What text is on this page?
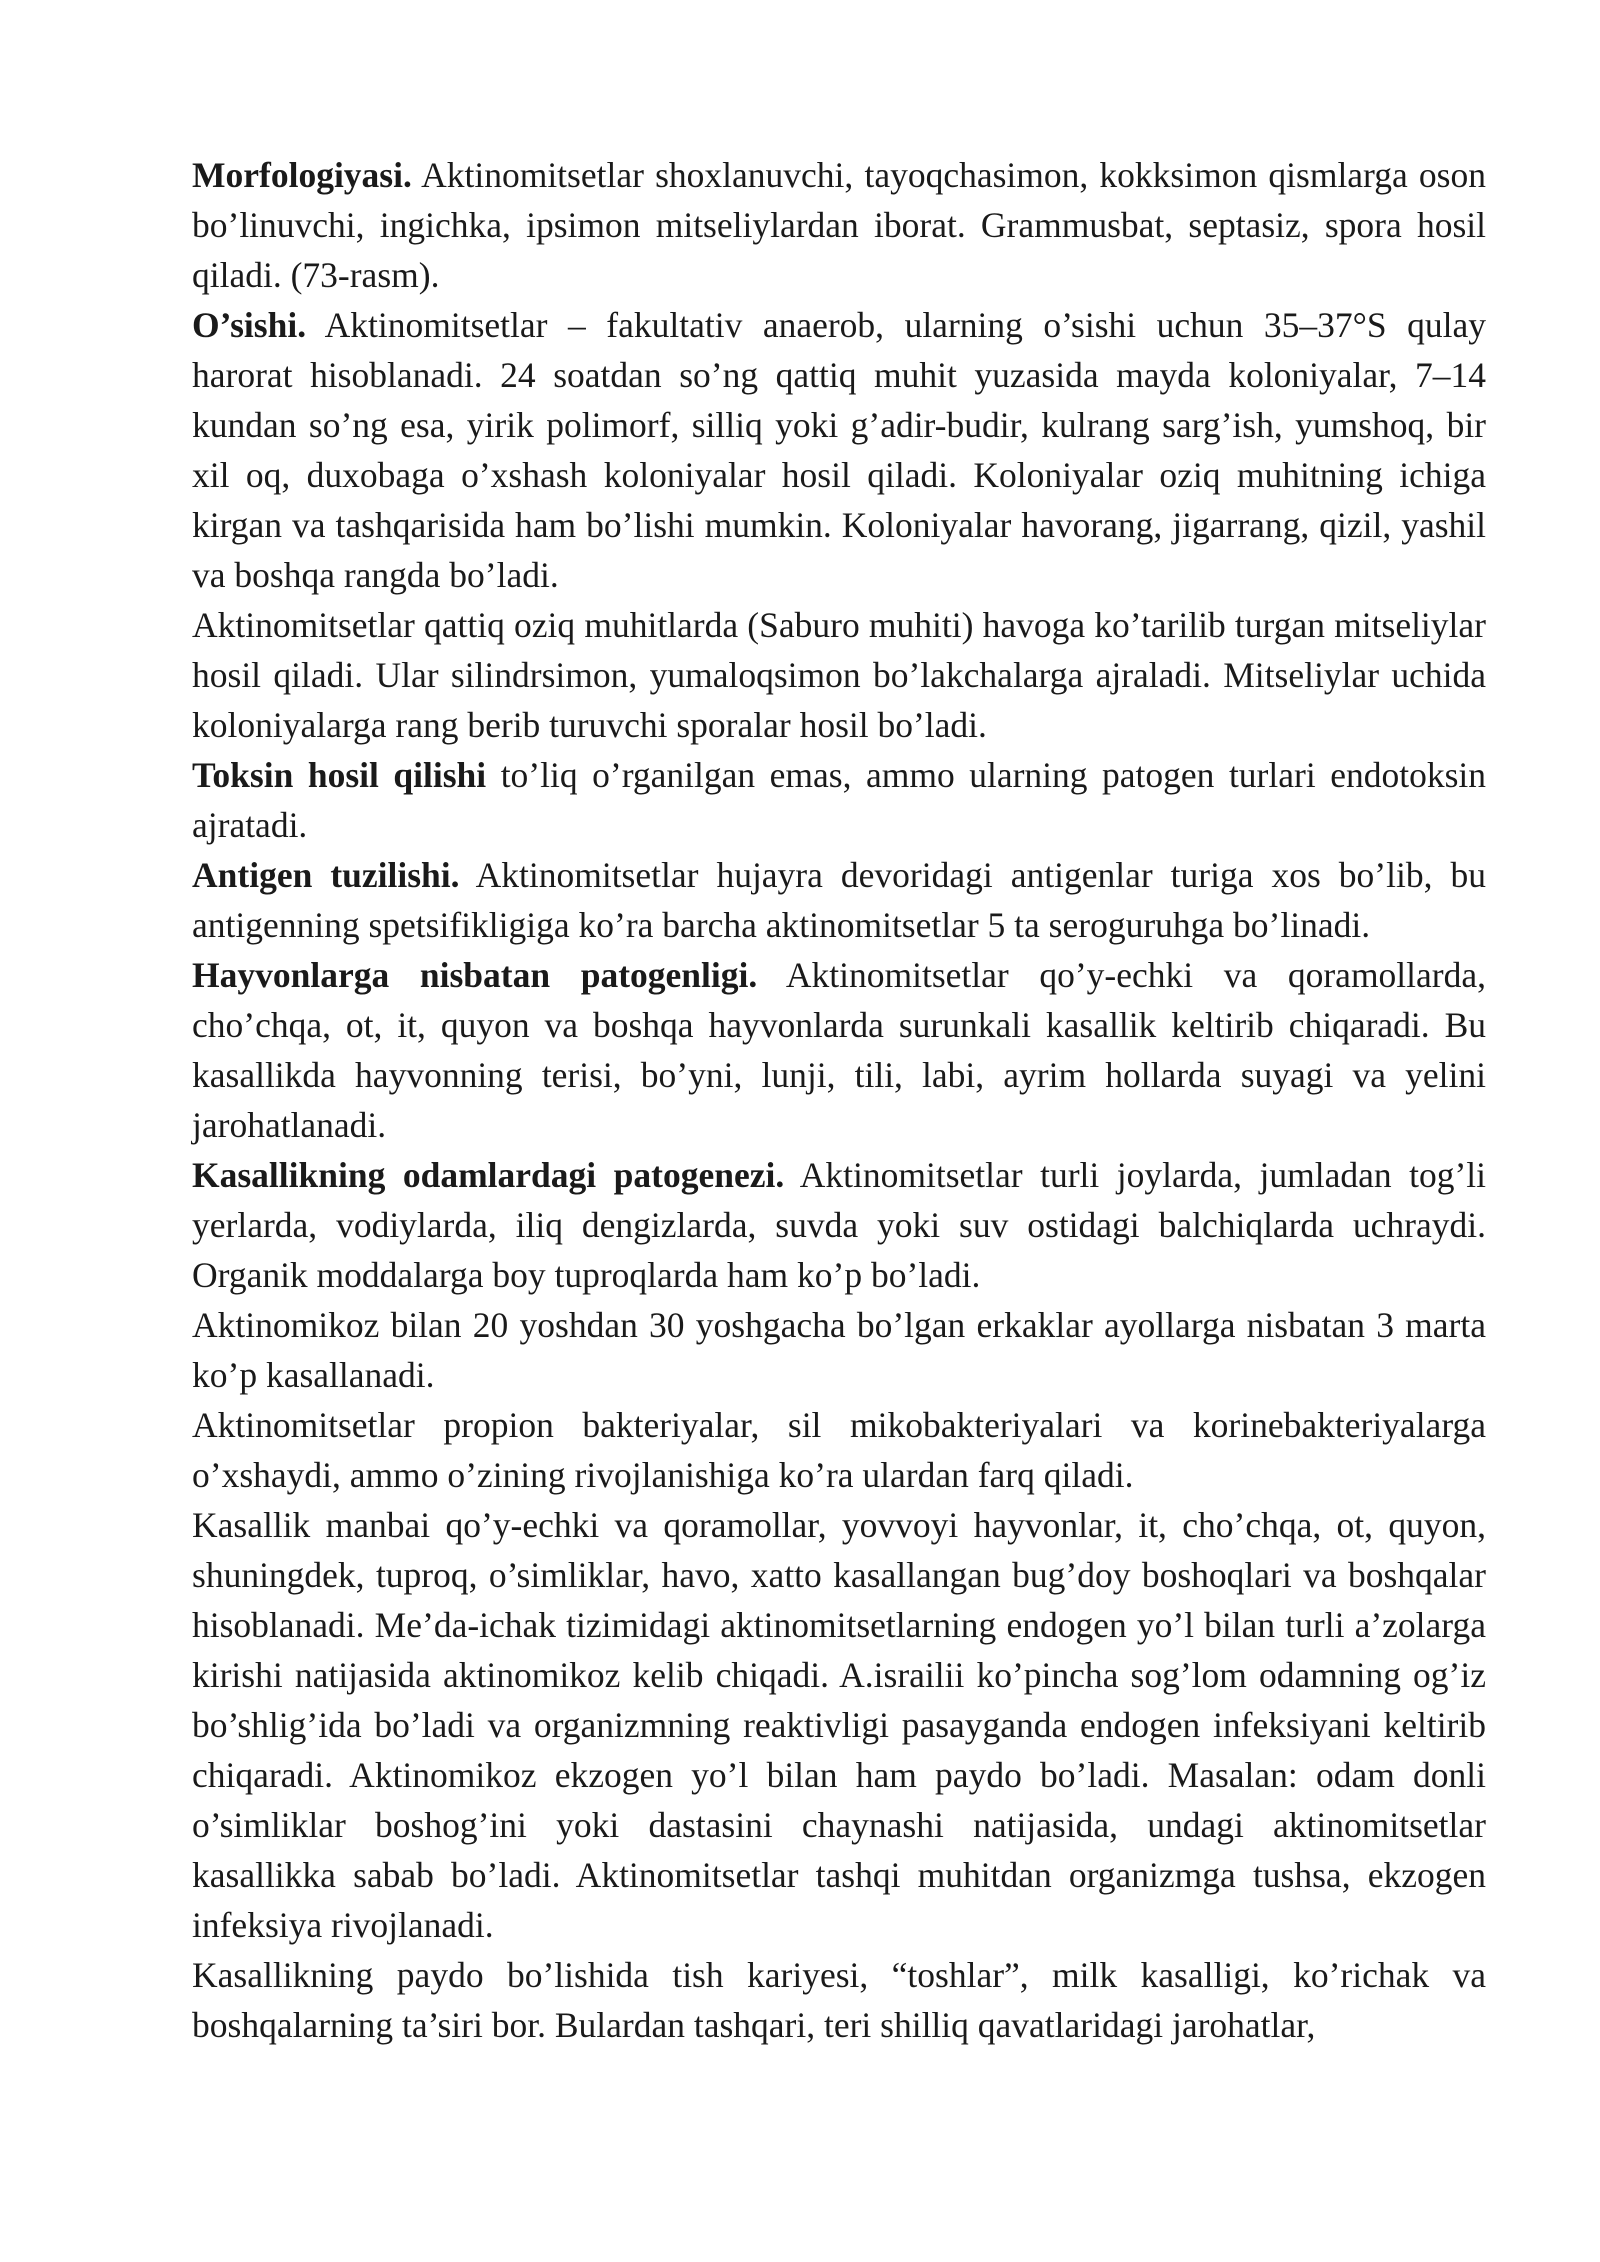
Morfologiyasi. Aktinomitsetlar shoxlanuvchi, tayoqchasimon, kokksimon qismlarga oson bo’linuvchi, ingichka, ipsimon mitseliylardan iborat. Grammusbat, septasiz, spora hosil qiladi. (73-rasm).

O’sishi. Aktinomitsetlar – fakultativ anaerob, ularning o’sishi uchun 35–37°S qulay harorat hisoblanadi. 24 soatdan so’ng qattiq muhit yuzasida mayda koloniyalar, 7–14 kundan so’ng esa, yirik polimorf, silliq yoki g’adir-budir, kulrang sarg’ish, yumshoq, bir xil oq, duxobaga o’xshash koloniyalar hosil qiladi. Koloniyalar oziq muhitning ichiga kirgan va tashqarisida ham bo’lishi mumkin. Koloniyalar havorang, jigarrang, qizil, yashil va boshqa rangda bo’ladi.

Aktinomitsetlar qattiq oziq muhitlarda (Saburo muhiti) havoga ko’tarilib turgan mitseliylar hosil qiladi. Ular silindrsimon, yumaloqsimon bo’lakchalarga ajraladi. Mitseliylar uchida koloniyalarga rang berib turuvchi sporalar hosil bo’ladi.

Toksin hosil qilishi to’liq o’rganilgan emas, ammo ularning patogen turlari endotoksin ajratadi.

Antigen tuzilishi. Aktinomitsetlar hujayra devoridagi antigenlar turiga xos bo’lib, bu antigenning spetsifikligiga ko’ra barcha aktinomitsetlar 5 ta seroguruhga bo’linadi.

Hayvonlarga nisbatan patogenligi. Aktinomitsetlar qo’y-echki va qoramollarda, cho’chqa, ot, it, quyon va boshqa hayvonlarda surunkali kasallik keltirib chiqaradi. Bu kasallikda hayvonning terisi, bo’yni, lunji, tili, labi, ayrim hollarda suyagi va yelini jarohatlanadi.

Kasallikning odamlardagi patogenezi. Aktinomitsetlar turli joylarda, jumladan tog’li yerlarda, vodiylarda, iliq dengizlarda, suvda yoki suv ostidagi balchiqlarda uchraydi. Organik moddalarga boy tuproqlarda ham ko’p bo’ladi.

Aktinomikoz bilan 20 yoshdan 30 yoshgacha bo’lgan erkaklar ayollarga nisbatan 3 marta ko’p kasallanadi.

Aktinomitsetlar propion bakteriyalar, sil mikobakteriyalari va korinebakteriyalarga o’xshaydi, ammo o’zining rivojlanishiga ko’ra ulardan farq qiladi.

Kasallik manbai qo’y-echki va qoramollar, yovvoyi hayvonlar, it, cho’chqa, ot, quyon, shuningdek, tuproq, o’simliklar, havo, xatto kasallangan bug’doy boshoqlari va boshqalar hisoblanadi. Me’da-ichak tizimidagi aktinomitsetlarning endogen yo’l bilan turli a’zolarga kirishi natijasida aktinomikoz kelib chiqadi. A.israilii ko’pincha sog’lom odamning og’iz bo’shlig’ida bo’ladi va organizmning reaktivligi pasayganda endogen infeksiyani keltirib chiqaradi. Aktinomikoz ekzogen yo’l bilan ham paydo bo’ladi. Masalan: odam donli o’simliklar boshog’ini yoki dastasini chaynashi natijasida, undagi aktinomitsetlar kasallikka sabab bo’ladi. Aktinomitsetlar tashqi muhitdan organizmga tushsa, ekzogen infeksiya rivojlanadi.

Kasallikning paydo bo’lishida tish kariyesi, “toshlar”, milk kasalligi, ko’richak va boshqalarning ta’siri bor. Bulardan tashqari, teri shilliq qavatlaridagi jarohatlar,
